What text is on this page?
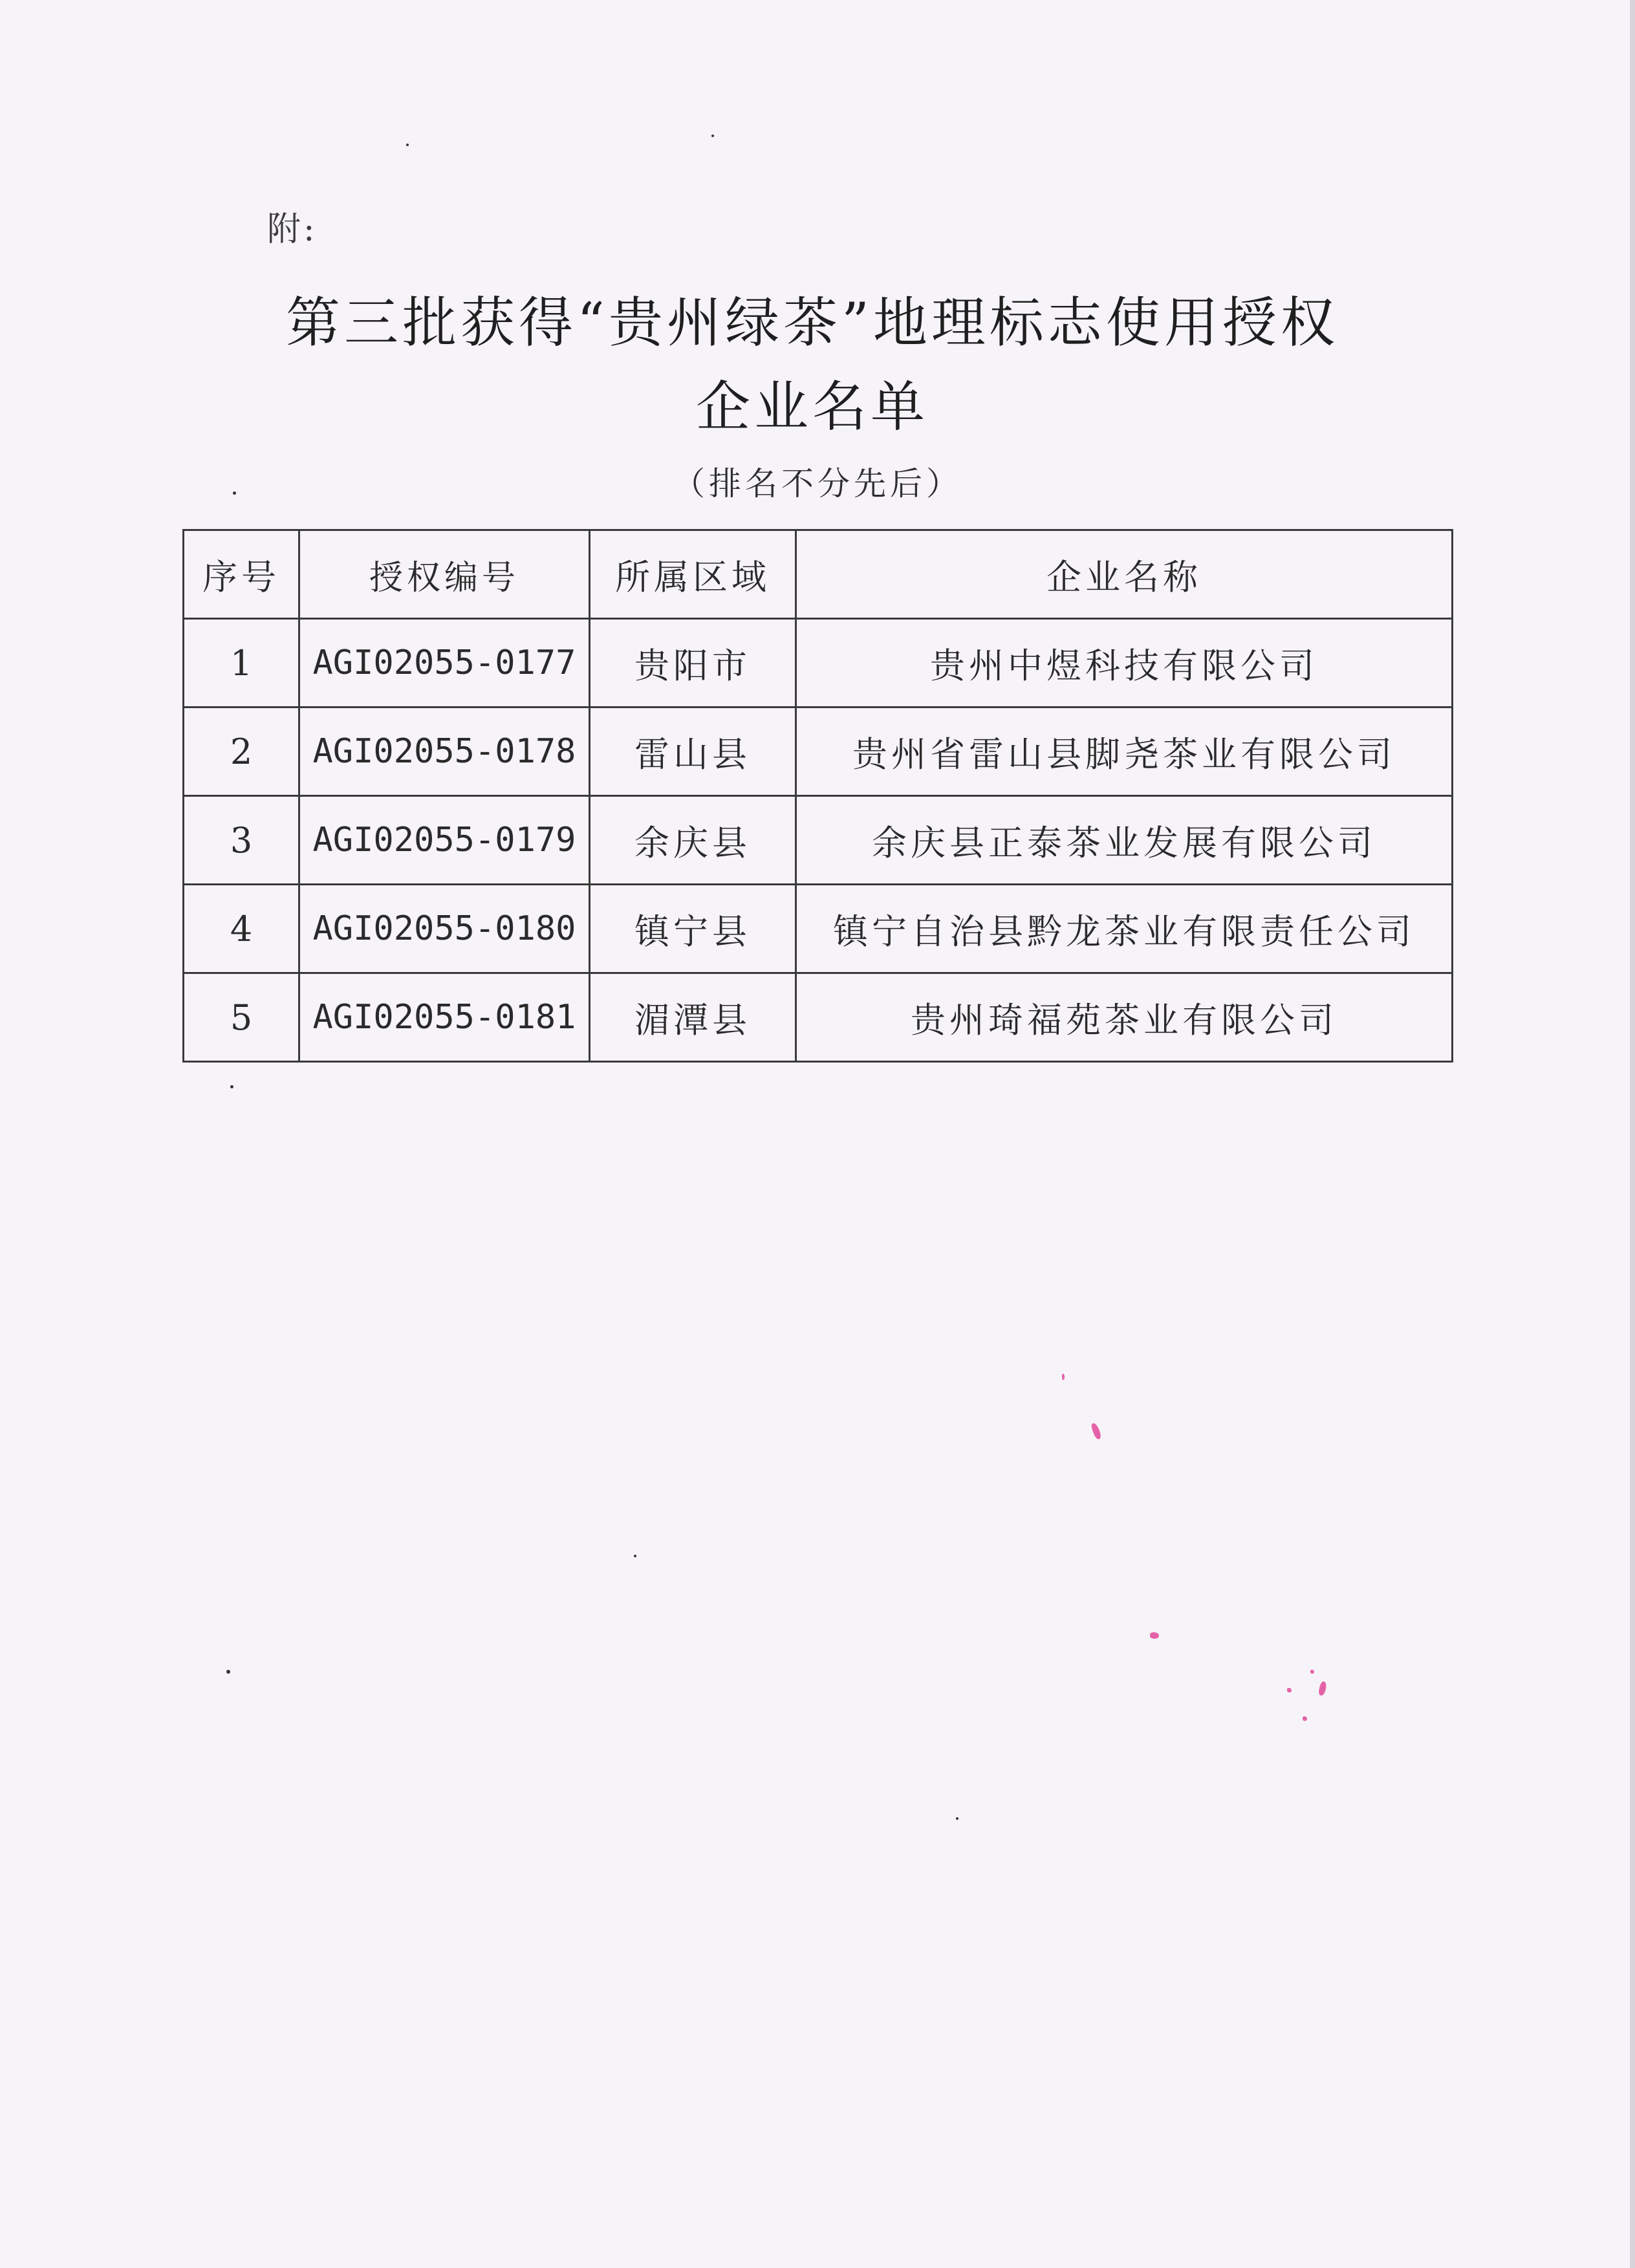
附:
第三批获得“贵州绿茶”地理标志使用授权
企业名单
（排名不分先后）
序号	授权编号	所属区域	企业名称
1	AGI02055-0177	贵阳市	贵州中煜科技有限公司
2	AGI02055-0178	雷山县	贵州省雷山县脚尧茶业有限公司
3	AGI02055-0179	余庆县	余庆县正泰茶业发展有限公司
4	AGI02055-0180	镇宁县	镇宁自治县黔龙茶业有限责任公司
5	AGI02055-0181	湄潭县	贵州琦福苑茶业有限公司
